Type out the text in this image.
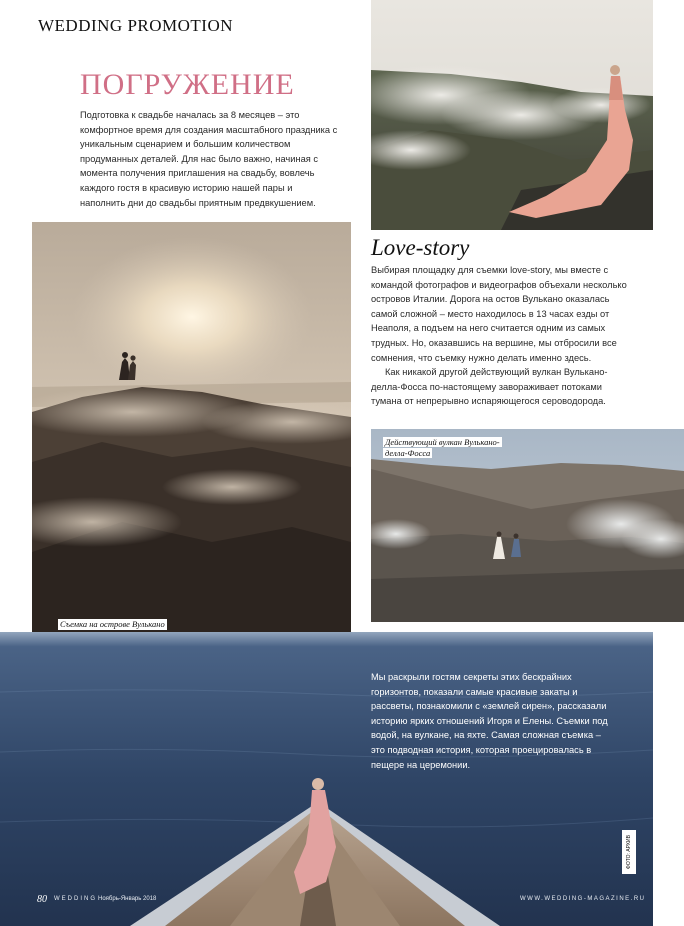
WEDDING PROMOTION
ПОГРУЖЕНИЕ
Подготовка к свадьбе началась за 8 месяцев – это комфортное время для создания масштабного праздника с уникальным сценарием и большим количеством продуманных деталей. Для нас было важно, начиная с момента получения приглашения на свадьбу, вовлечь каждого гостя в красивую историю нашей пары и наполнить дни до свадьбы приятным предвкушением.
Love-story

Выбирая площадку для съемки love-story, мы вместе с командой фотографов и видеографов объехали несколько островов Италии. Дорога на остов Вулькано оказалась самой сложной – место находилось в 13 часах езды от Неаполя, а подъем на него считается одним из самых трудных. Но, оказавшись на вершине, мы отбросили все сомнения, что съемку нужно делать именно здесь.

Как никакой другой действующий вулкан Вулькано-делла-Фосса по-настоящему завораживает потоками тумана от непрерывно испаряющегося сероводорода.

Действующий вулкан Вулькано-делла-Фосса
Съемка на острове Вулькано
Мы раскрыли гостям секреты этих бескрайних горизонтов, показали самые красивые закаты и рассветы, познакомили с «землей сирен», рассказали историю ярких отношений Игоря и Елены. Съемки под водой, на вулкане, на яхте. Самая сложная съемка – это подводная история, которая проецировалась в пещере на церемонии.
ФОТО: АРХИВ
80 WEDDING Ноябрь-Январь 2018	WWW.WEDDING-MAGAZINE.RU
